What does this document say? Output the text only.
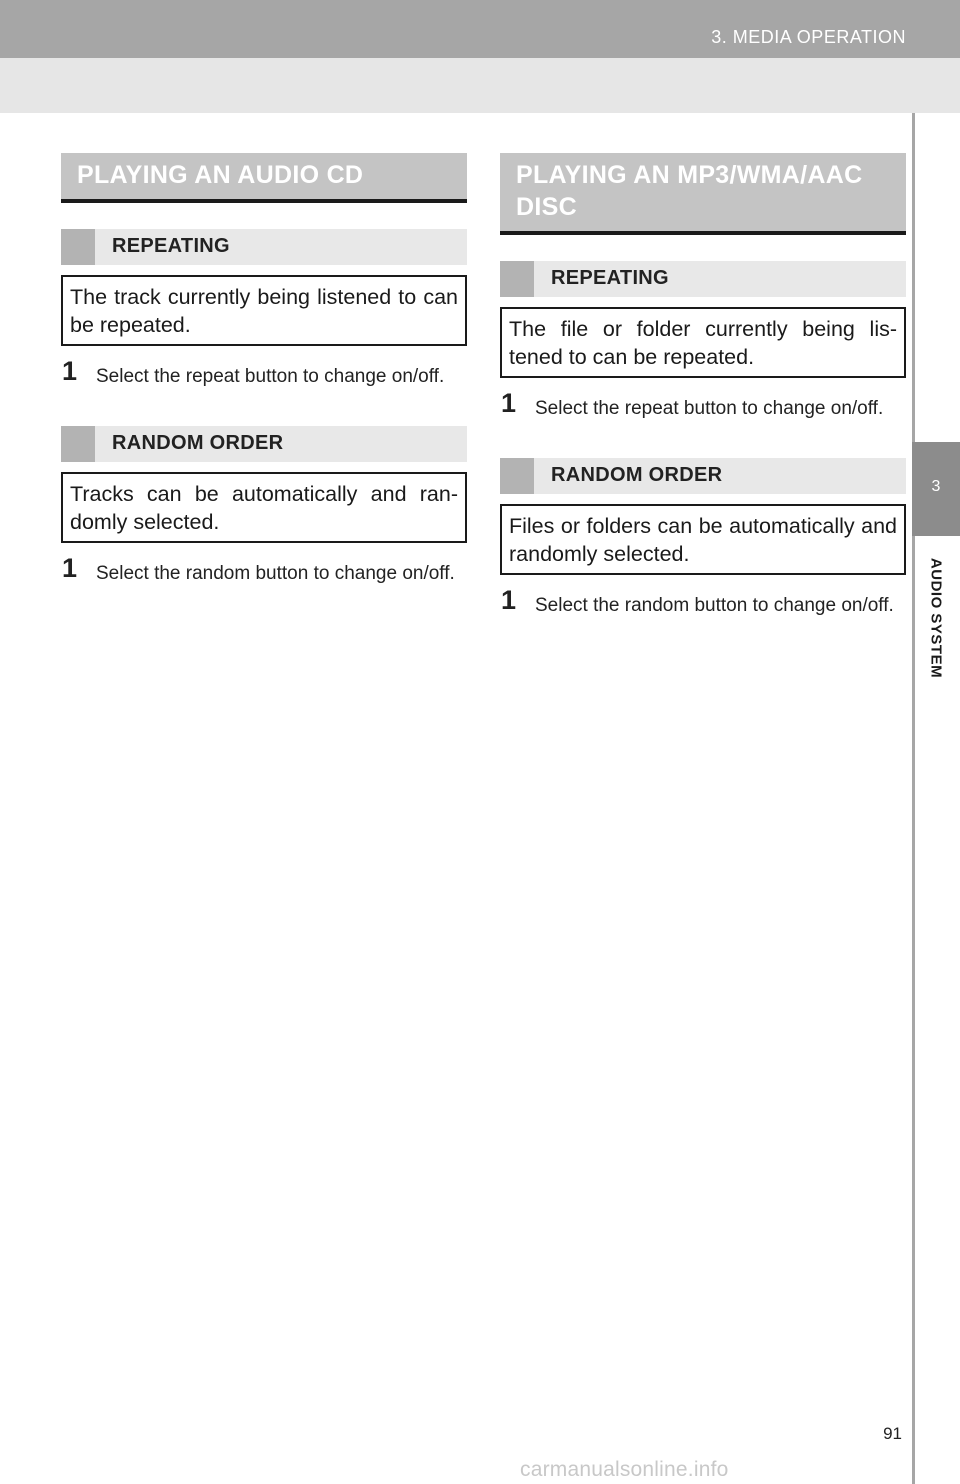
3. MEDIA OPERATION
3
AUDIO SYSTEM
PLAYING AN AUDIO CD
REPEATING
The track currently being listened to can be repeated.
1 Select the repeat button to change on/off.
RANDOM ORDER
Tracks can be automatically and ran-domly selected.
1 Select the random button to change on/off.
PLAYING AN MP3/WMA/AAC DISC
REPEATING
The file or folder currently being lis-tened to can be repeated.
1 Select the repeat button to change on/off.
RANDOM ORDER
Files or folders can be automatically and randomly selected.
1 Select the random button to change on/off.
91
carmanualsonline.info
